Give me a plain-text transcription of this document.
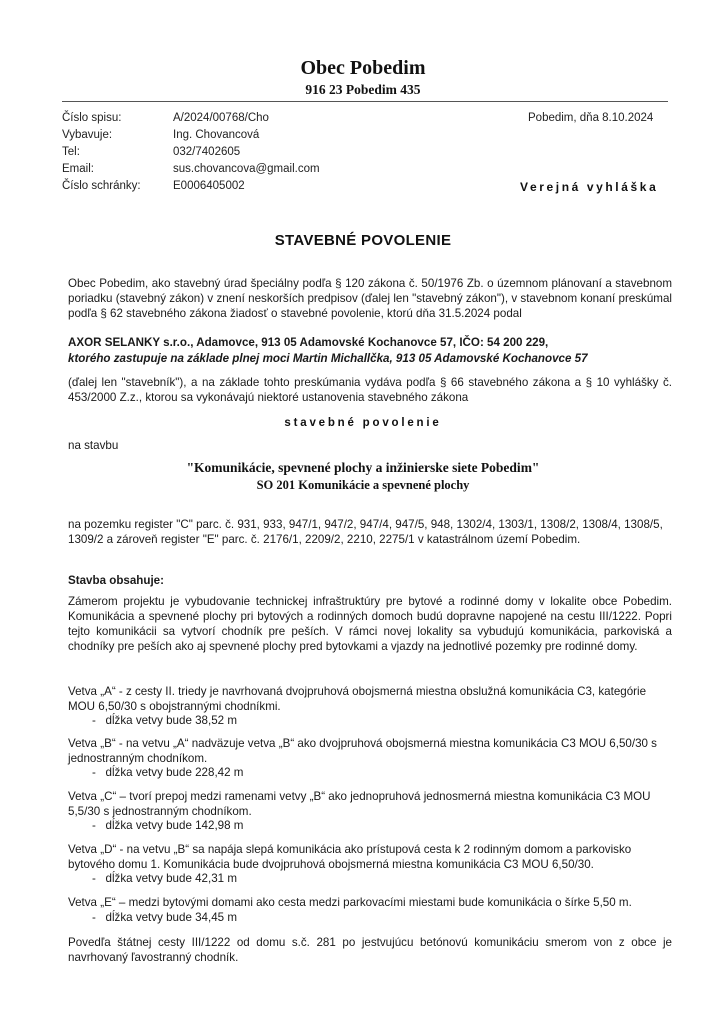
Obec Pobedim
916 23 Pobedim 435
Číslo spisu:
Vybavuje:
Tel:
Email:
Číslo schránky:
A/2024/00768/Cho
Ing. Chovancová
032/7402605
sus.chovancova@gmail.com
E0006405002
Pobedim, dňa 8.10.2024
Verejná vyhláška
STAVEBNÉ POVOLENIE
Obec Pobedim, ako stavebný úrad špeciálny podľa § 120 zákona č. 50/1976 Zb. o územnom plánovaní a stavebnom poriadku (stavebný zákon) v znení neskorších predpisov (ďalej len "stavebný zákon"), v stavebnom konaní preskúmal podľa § 62 stavebného zákona žiadosť o stavebné povolenie, ktorú dňa 31.5.2024 podal
AXOR SELANKY s.r.o., Adamovce, 913 05 Adamovské Kochanovce 57, IČO: 54 200 229,
ktorého zastupuje na základe plnej moci Martin Michallčka, 913 05 Adamovské Kochanovce 57
(ďalej len "stavebník"), a na základe tohto preskúmania vydáva podľa § 66 stavebného zákona a § 10 vyhlášky č. 453/2000 Z.z., ktorou sa vykonávajú niektoré ustanovenia stavebného zákona
stavebné povolenie
na stavbu
"Komunikácie, spevnené plochy a inžinierske siete Pobedim"
SO 201 Komunikácie a spevnené plochy
na pozemku register "C" parc. č. 931, 933, 947/1, 947/2, 947/4, 947/5, 948, 1302/4, 1303/1, 1308/2, 1308/4, 1308/5, 1309/2 a zároveň register "E" parc. č. 2176/1, 2209/2, 2210, 2275/1 v katastrálnom území Pobedim.
Stavba obsahuje:
Zámerom projektu je vybudovanie technickej infraštruktúry pre bytové a rodinné domy v lokalite obce Pobedim. Komunikácia a spevnené plochy pri bytových a rodinných domoch budú dopravne napojené na cestu III/1222. Popri tejto komunikácii sa vytvorí chodník pre peších. V rámci novej lokality sa vybudujú komunikácia, parkoviská a chodníky pre peších ako aj spevnené plochy pred bytovkami a vjazdy na jednotlivé pozemky pre rodinné domy.
Vetva „A“ - z cesty II. triedy je navrhovaná dvojpruhová obojsmerná miestna obslužná komunikácia C3, kategórie MOU 6,50/30 s obojstrannými chodníkmi.
-   dĺžka vetvy bude 38,52 m
Vetva „B“ - na vetvu „A“ nadväzuje vetva „B“ ako dvojpruhová obojsmerná miestna komunikácia C3 MOU 6,50/30 s jednostranným chodníkom.
-   dĺžka vetvy bude 228,42 m
Vetva „C“ – tvorí prepoj medzi ramenami vetvy „B“ ako jednopruhová jednosmerná miestna komunikácia C3 MOU 5,5/30 s jednostranným chodníkom.
-   dĺžka vetvy bude 142,98 m
Vetva „D“ - na vetvu „B“ sa napája slepá komunikácia ako prístupová cesta k 2 rodinným domom a parkovisko bytového domu 1. Komunikácia bude dvojpruhová obojsmerná miestna komunikácia C3 MOU 6,50/30.
-   dĺžka vetvy bude 42,31 m
Vetva „E“ – medzi bytovými domami ako cesta medzi parkovacími miestami bude komunikácia o šírke 5,50 m.
-   dĺžka vetvy bude 34,45 m
Povedľa štátnej cesty III/1222 od domu s.č. 281 po jestvujúcu betónovú komunikáciu smerom von z obce je navrhovaný ľavostranný chodník.
